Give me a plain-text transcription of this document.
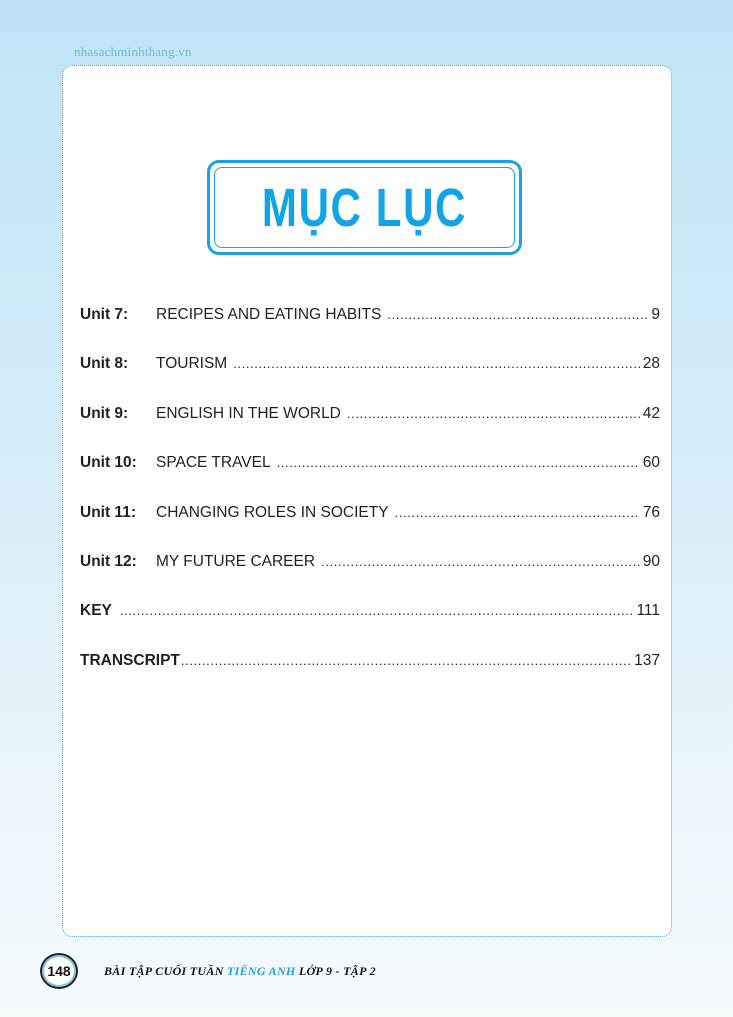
nhasachminhthang.vn
MỤC LỤC
Unit 7:	RECIPES AND EATING HABITS .....	9
Unit 8:	TOURISM .....	28
Unit 9:	ENGLISH IN THE WORLD .....	42
Unit 10:	SPACE TRAVEL .....	60
Unit 11:	CHANGING ROLES IN SOCIETY .....	76
Unit 12:	MY FUTURE CAREER .....	90
KEY .....	111
TRANSCRIPT .....	137
148	BÀI TẬP CUỐI TUẦN TIẾNG ANH LỚP 9 - TẬP 2
